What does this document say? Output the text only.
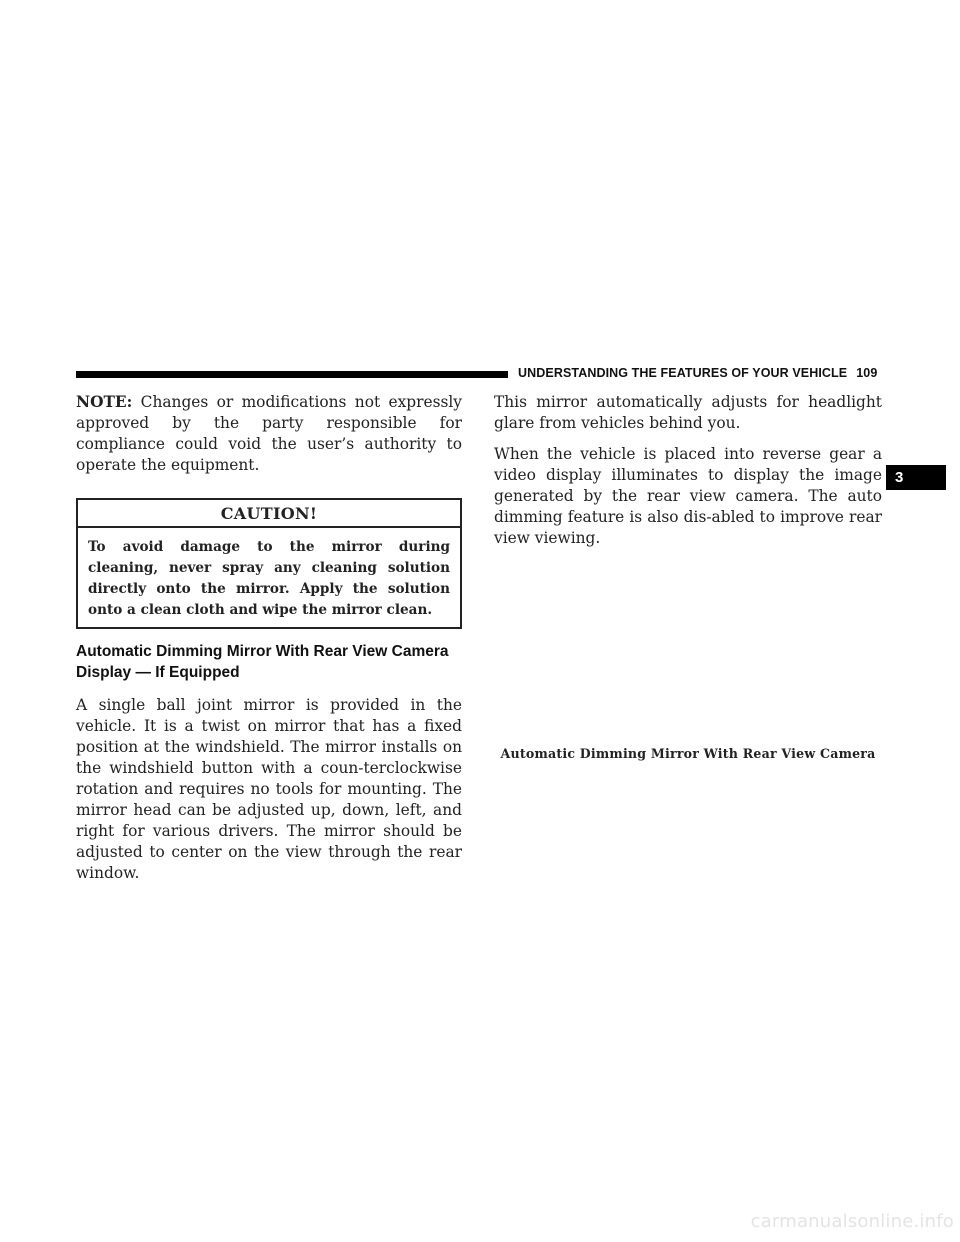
UNDERSTANDING THE FEATURES OF YOUR VEHICLE 109

NOTE: Changes or modifications not expressly approved by the party responsible for compliance could void the user’s authority to operate the equipment.

CAUTION!
To avoid damage to the mirror during cleaning, never spray any cleaning solution directly onto the mirror. Apply the solution onto a clean cloth and wipe the mirror clean.
Automatic Dimming Mirror With Rear View Camera
Display — If Equipped

A single ball joint mirror is provided in the vehicle. It is a twist on mirror that has a fixed position at the windshield. The mirror installs on the windshield button with a coun-terclockwise rotation and requires no tools for mounting. The mirror head can be adjusted up, down, left, and right for various drivers. The mirror should be adjusted to center on the view through the rear window.

This mirror automatically adjusts for headlight glare from vehicles behind you.

When the vehicle is placed into reverse gear a video display illuminates to display the image generated by the rear view camera. The auto dimming feature is also dis-abled to improve rear view viewing.

Automatic Dimming Mirror With Rear View Camera
3
carmanualsonline.info
